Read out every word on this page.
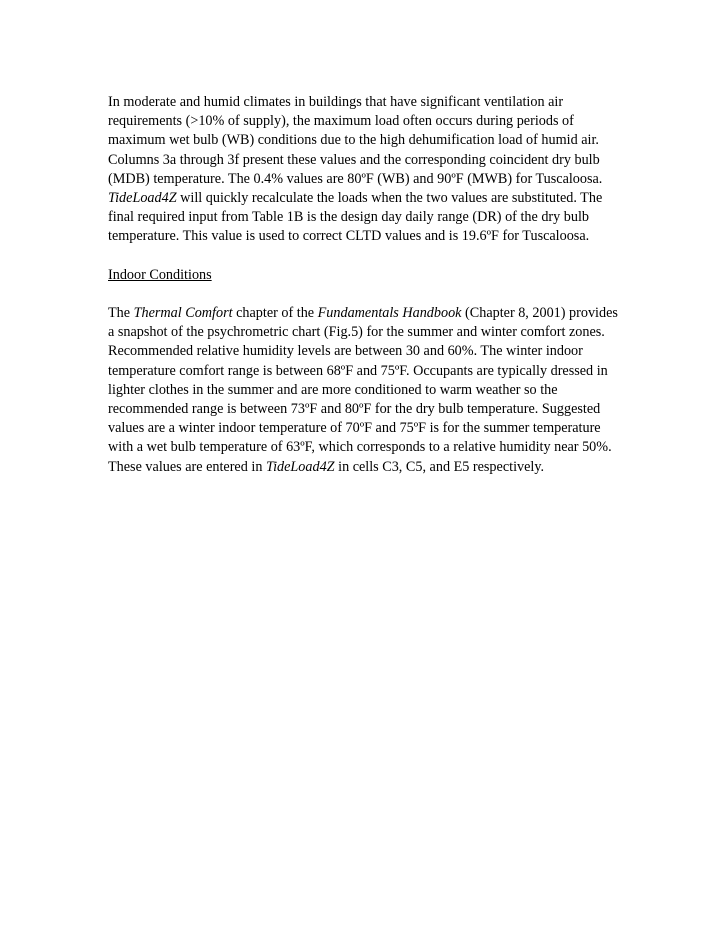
In moderate and humid climates in buildings that have significant ventilation air
requirements (>10% of supply), the maximum load often occurs during periods of
maximum wet bulb (WB) conditions due to the high dehumification load of humid air.
Columns 3a through 3f present these values and the corresponding coincident dry bulb
(MDB) temperature. The 0.4% values are 80ºF (WB) and 90ºF (MWB) for Tuscaloosa.
TideLoad4Z will quickly recalculate the loads when the two values are substituted. The
final required input from Table 1B is the design day daily range (DR) of the dry bulb
temperature. This value is used to correct CLTD values and is 19.6ºF for Tuscaloosa.
Indoor Conditions
The Thermal Comfort chapter of the Fundamentals Handbook (Chapter 8, 2001) provides
a snapshot of the psychrometric chart (Fig.5) for the summer and winter comfort zones.
Recommended relative humidity levels are between 30 and 60%. The winter indoor
temperature comfort range is between 68ºF and 75ºF. Occupants are typically dressed in
lighter clothes in the summer and are more conditioned to warm weather so the
recommended range is between 73ºF and 80ºF for the dry bulb temperature. Suggested
values are a winter indoor temperature of 70ºF and 75ºF is for the summer temperature
with a wet bulb temperature of 63ºF, which corresponds to a relative humidity near 50%.
These values are entered in TideLoad4Z in cells C3, C5, and E5 respectively.
